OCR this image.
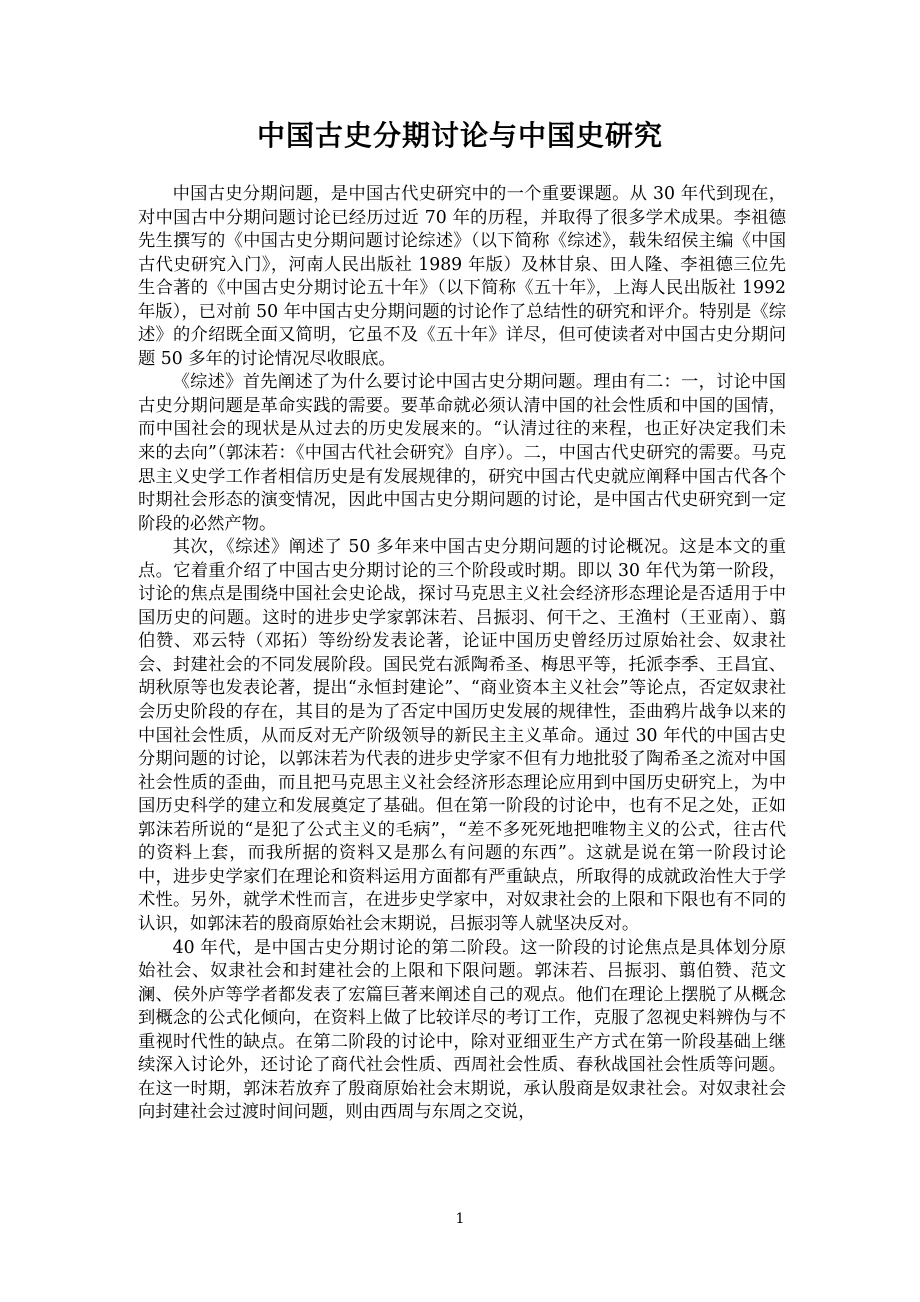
中国古史分期讨论与中国史研究

中国古史分期问题，是中国古代史研究中的一个重要课题。从 30 年代到现在，对中国古中分期问题讨论已经历过近 70 年的历程，并取得了很多学术成果。李祖德先生撰写的《中国古史分期问题讨论综述》（以下简称《综述》，载朱绍侯主编《中国古代史研究入门》，河南人民出版社 1989 年版）及林甘泉、田人隆、李祖德三位先生合著的《中国古史分期讨论五十年》（以下简称《五十年》，上海人民出版社 1992 年版），已对前 50 年中国古史分期问题的讨论作了总结性的研究和评介。特别是《综述》的介绍既全面又简明，它虽不及《五十年》详尽，但可使读者对中国古史分期问题 50 多年的讨论情况尽收眼底。

《综述》首先阐述了为什么要讨论中国古史分期问题。理由有二：一，讨论中国古史分期问题是革命实践的需要。要革命就必须认清中国的社会性质和中国的国情，而中国社会的现状是从过去的历史发展来的。“认清过往的来程，也正好决定我们未来的去向”（郭沫若：《中国古代社会研究》自序）。二，中国古代史研究的需要。马克思主义史学工作者相信历史是有发展规律的，研究中国古代史就应阐释中国古代各个时期社会形态的演变情况，因此中国古史分期问题的讨论，是中国古代史研究到一定阶段的必然产物。

其次，《综述》阐述了 50 多年来中国古史分期问题的讨论概况。这是本文的重点。它着重介绍了中国古史分期讨论的三个阶段或时期。即以 30 年代为第一阶段，讨论的焦点是围绕中国社会史论战，探讨马克思主义社会经济形态理论是否适用于中国历史的问题。这时的进步史学家郭沫若、吕振羽、何干之、王渔村（王亚南）、翦伯赞、邓云特（邓拓）等纷纷发表论著，论证中国历史曾经历过原始社会、奴隶社会、封建社会的不同发展阶段。国民党右派陶希圣、梅思平等，托派李季、王昌宜、胡秋原等也发表论著，提出“永恒封建论”、“商业资本主义社会”等论点，否定奴隶社会历史阶段的存在，其目的是为了否定中国历史发展的规律性，歪曲鸦片战争以来的中国社会性质，从而反对无产阶级领导的新民主主义革命。通过 30 年代的中国古史分期问题的讨论，以郭沫若为代表的进步史学家不但有力地批驳了陶希圣之流对中国社会性质的歪曲，而且把马克思主义社会经济形态理论应用到中国历史研究上，为中国历史科学的建立和发展奠定了基础。但在第一阶段的讨论中，也有不足之处，正如郭沫若所说的“是犯了公式主义的毛病”，“差不多死死地把唯物主义的公式，往古代的资料上套，而我所据的资料又是那么有问题的东西”。这就是说在第一阶段讨论中，进步史学家们在理论和资料运用方面都有严重缺点，所取得的成就政治性大于学术性。另外，就学术性而言，在进步史学家中，对奴隶社会的上限和下限也有不同的认识，如郭沫若的殷商原始社会末期说，吕振羽等人就坚决反对。

40 年代，是中国古史分期讨论的第二阶段。这一阶段的讨论焦点是具体划分原始社会、奴隶社会和封建社会的上限和下限问题。郭沫若、吕振羽、翦伯赞、范文澜、侯外庐等学者都发表了宏篇巨著来阐述自己的观点。他们在理论上摆脱了从概念到概念的公式化倾向，在资料上做了比较详尽的考订工作，克服了忽视史料辨伪与不重视时代性的缺点。在第二阶段的讨论中，除对亚细亚生产方式在第一阶段基础上继续深入讨论外，还讨论了商代社会性质、西周社会性质、春秋战国社会性质等问题。在这一时期，郭沫若放弃了殷商原始社会末期说，承认殷商是奴隶社会。对奴隶社会向封建社会过渡时间问题，则由西周与东周之交说，

1
